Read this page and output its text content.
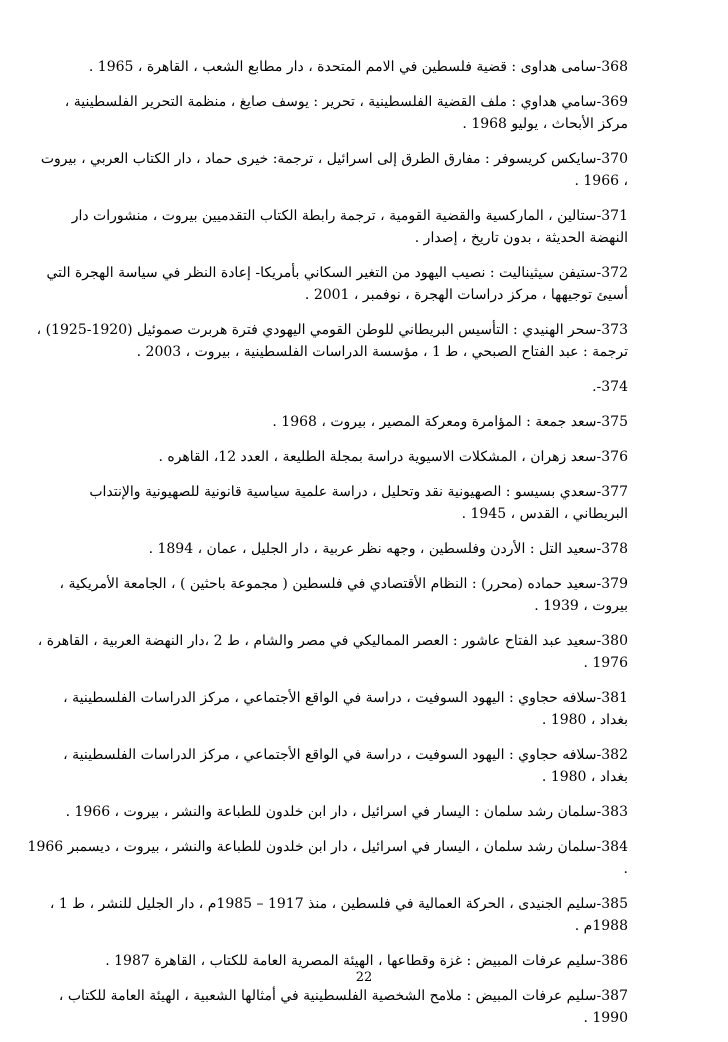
368-سامى هداوى : قضية فلسطين في الامم المتحدة ، دار مطابع الشعب ، القاهرة ، 1965 .
369-سامي هداوي : ملف القضية الفلسطينية ، تحرير : يوسف صايغ ، منظمة التحرير الفلسطينية ،
مركز الأبحاث ، يوليو 1968 .
370-سايكس كريسوفر : مفارق الطرق إلى اسرائيل ، ترجمة: خيرى حماد ، دار الكتاب العربي ، بيروت
، 1966 .
371-ستالين ، الماركسية والقضية القومية ، ترجمة رابطة الكتاب التقدميين بيروت ، منشورات دار
النهضة الحديثة ، بدون تاريخ ، إصدار .
372-ستيفن سيثيناليت : نصيب اليهود من التغير السكاني بأمريكا- إعادة النظر في سياسة الهجرة التي
أسيئ توجيهها ، مركز دراسات الهجرة ، نوفمبر ، 2001 .
373-سحر الهنيدي : التأسيس البريطاني للوطن القومي اليهودي فترة هربرت صموئيل (1920-1925) ،
ترجمة : عبد الفتاح الصبحي ، ط 1 ، مؤسسة الدراسات الفلسطينية ، بيروت ، 2003 .
374-.
375-سعد جمعة : المؤامرة ومعركة المصير ، بيروت ، 1968 .
376-سعد زهران ، المشكلات الاسيوية دراسة بمجلة الطليعة ، العدد 12، القاهره .
377-سعدي بسيسو : الصهيونية نقد وتحليل ، دراسة علمية سياسية قانونية للصهيونية والإنتداب
البريطاني ، القدس ، 1945 .
378-سعيد التل : الأردن وفلسطين ، وجهه نظر عربية ، دار الجليل ، عمان ، 1894 .
379-سعيد حماده (محرر) : النظام الأقتصادي في فلسطين ( مجموعة باحثين ) ، الجامعة الأمريكية ،
بيروت ، 1939 .
380-سعيد عبد الفتاح عاشور : العصر المماليكي في مصر والشام ، ط 2 ،دار النهضة العربية ، القاهرة ،
1976 .
381-سلافه حجاوي : اليهود السوفيت ، دراسة في الواقع الأجتماعي ، مركز الدراسات الفلسطينية ،
بغداد ، 1980 .
382-سلافه حجاوي : اليهود السوفيت ، دراسة في الواقع الأجتماعي ، مركز الدراسات الفلسطينية ،
بغداد ، 1980 .
383-سلمان رشد سلمان : اليسار في اسرائيل ، دار ابن خلدون للطباعة والنشر ، بيروت ، 1966 .
384-سلمان رشد سلمان ، اليسار في اسرائيل ، دار ابن خلدون للطباعة والنشر ، بيروت ، ديسمبر 1966
.
385-سليم الجنيدى ، الحركة العمالية في فلسطين ، منذ 1917 – 1985م ، دار الجليل للنشر ، ط 1 ،
1988م .
386-سليم عرفات المبيض : غزة وقطاعها ، الهيئة المصرية العامة للكتاب ، القاهرة 1987 .
387-سليم عرفات المبيض : ملامح الشخصية الفلسطينية في أمثالها الشعبية ، الهيئة العامة للكتاب ،
1990 .
22
